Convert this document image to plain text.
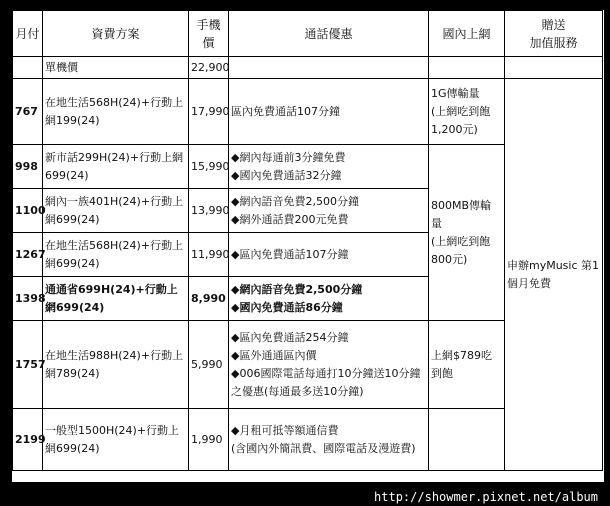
月付	資費方案	手機
價	通話優惠	國內上網	贈送
加值服務	
	單機價	22,900				
767	在地生活568H(24)+行動上網199(24)	17,990	區內免費通話107分鐘	1G傳輸量
(上網吃到飽
1,200元)	申辦myMusic 第1個月免費	
998	新市話299H(24)+行動上網699(24)	15,990	◆網內每通前3分鐘免費
◆國內免費通話32分鐘	800MB傳輸量
(上網吃到飽
800元)		
1100	網內一族401H(24)+行動上網699(24)	13,990	◆網內語音免費2,500分鐘
◆網外通話費200元免費			

1267	在地生活568H(24)+行動上網699(24)	11,990	◆區內免費通話107分鐘			

1398	通通省699H(24)+行動上網699(24)	8,990	◆網內語音免費2,500分鐘
◆國內免費通話86分鐘			

1757	在地生活988H(24)+行動上網789(24)	5,990	◆區內免費通話254分鐘
◆區外通通區內價
◆006國際電話每通打10分鐘送10分鐘之優惠(每通最多送10分鐘)	上網$789吃到飽		
2199	一般型1500H(24)+行動上網699(24)	1,990	◆月租可抵等額通信費
(含國內外簡訊費、國際電話及漫遊費)			

http://showmer.pixnet.net/album
